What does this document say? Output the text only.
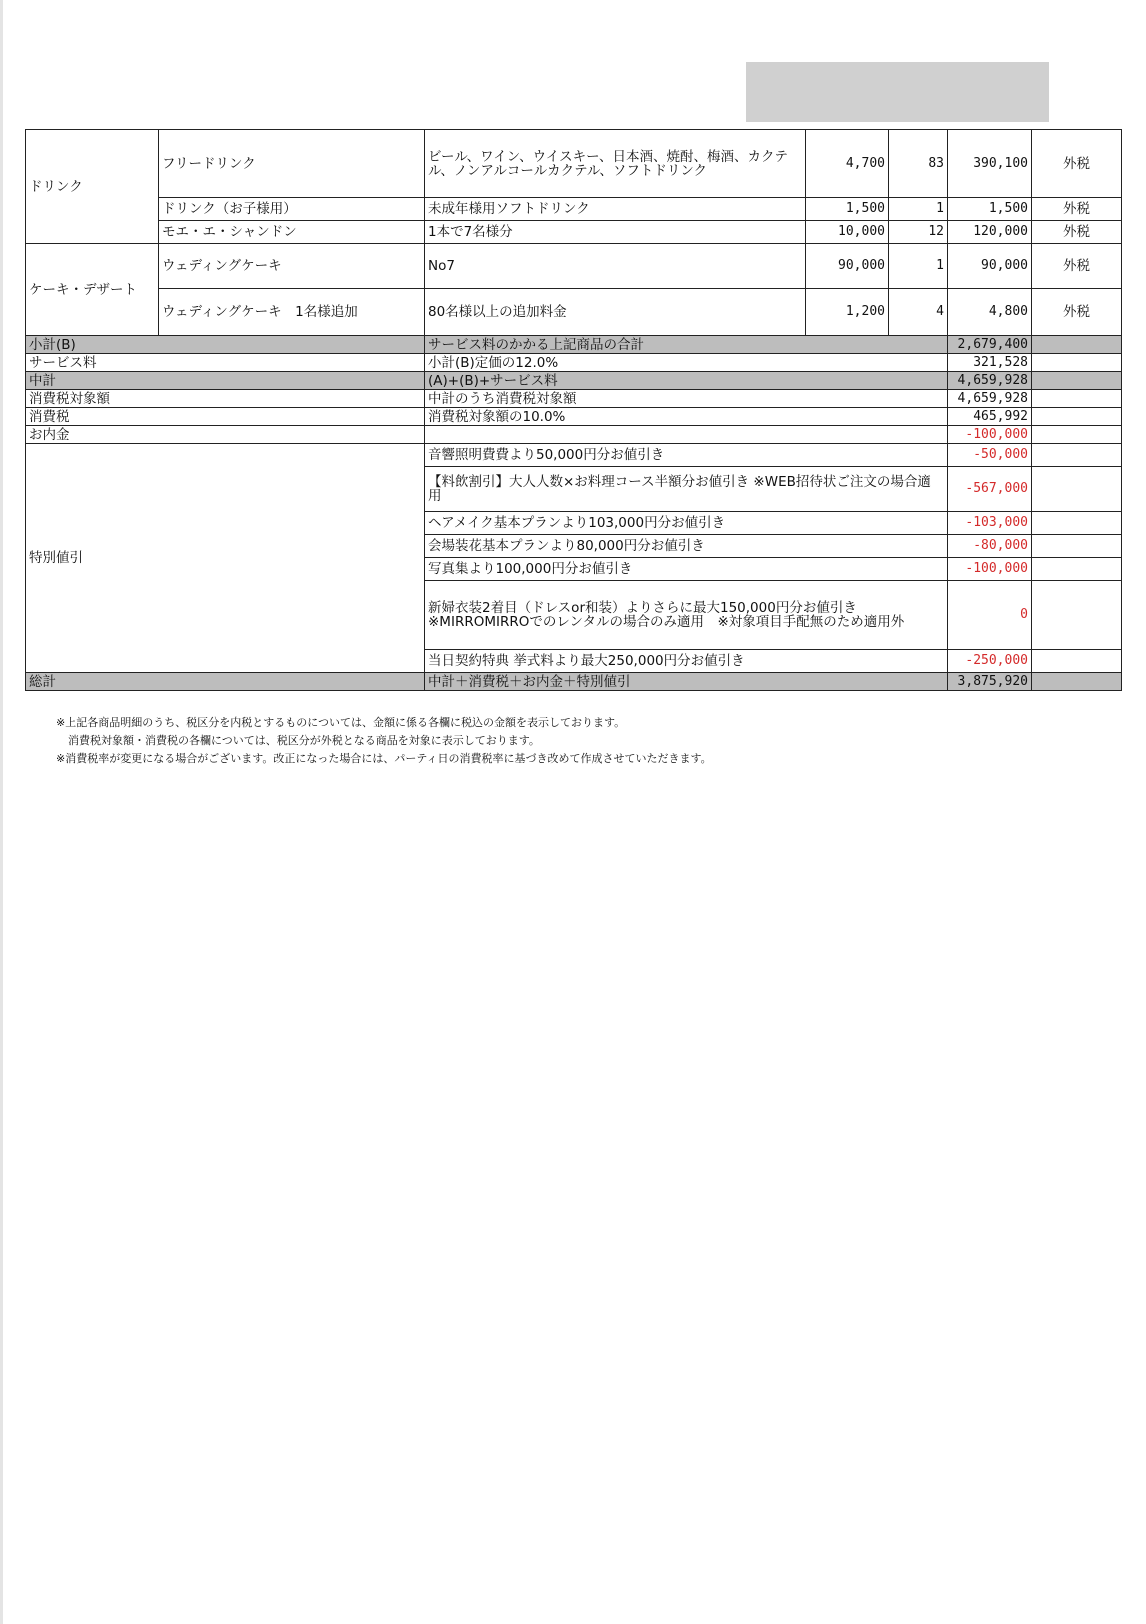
ドリンク	フリードリンク	ビール、ワイン、ウイスキー、日本酒、焼酎、梅酒、カクテル、ノンアルコールカクテル、ソフトドリンク	4,700	83	390,100	外税
	ドリンク（お子様用）	未成年様用ソフトドリンク	1,500	1	1,500	外税
	モエ・エ・シャンドン	1本で7名様分	10,000	12	120,000	外税
ケーキ・デザート	ウェディングケーキ	No7	90,000	1	90,000	外税
	ウェディングケーキ　1名様追加	80名様以上の追加料金	1,200	4	4,800	外税
小計(B)		サービス料のかかる上記商品の合計			2,679,400	
サービス料		小計(B)定価の12.0%			321,528	
中計		(A)+(B)+サービス料			4,659,928	
消費税対象額		中計のうち消費税対象額			4,659,928	
消費税		消費税対象額の10.0%			465,992	
お内金					-100,000	
特別値引		音響照明費費より50,000円分お値引き			-50,000	
		【料飲割引】大人人数×お料理コース半額分お値引き ※WEB招待状ご注文の場合適用			-567,000	
		ヘアメイク基本プランより103,000円分お値引き			-103,000	
		会場装花基本プランより80,000円分お値引き			-80,000	
		写真集より100,000円分お値引き			-100,000	
		新婦衣装2着目（ドレスor和装）よりさらに最大150,000円分お値引き※MIRROMIRROでのレンタルの場合のみ適用　※対象項目手配無のため適用外			0	
		当日契約特典 挙式料より最大250,000円分お値引き			-250,000	
総計		中計＋消費税＋お内金＋特別値引			3,875,920	
※上記各商品明細のうち、税区分を内税とするものについては、金額に係る各欄に税込の金額を表示しております。
消費税対象額・消費税の各欄については、税区分が外税となる商品を対象に表示しております。
※消費税率が変更になる場合がございます。改正になった場合には、パーティ日の消費税率に基づき改めて作成させていただきます。
